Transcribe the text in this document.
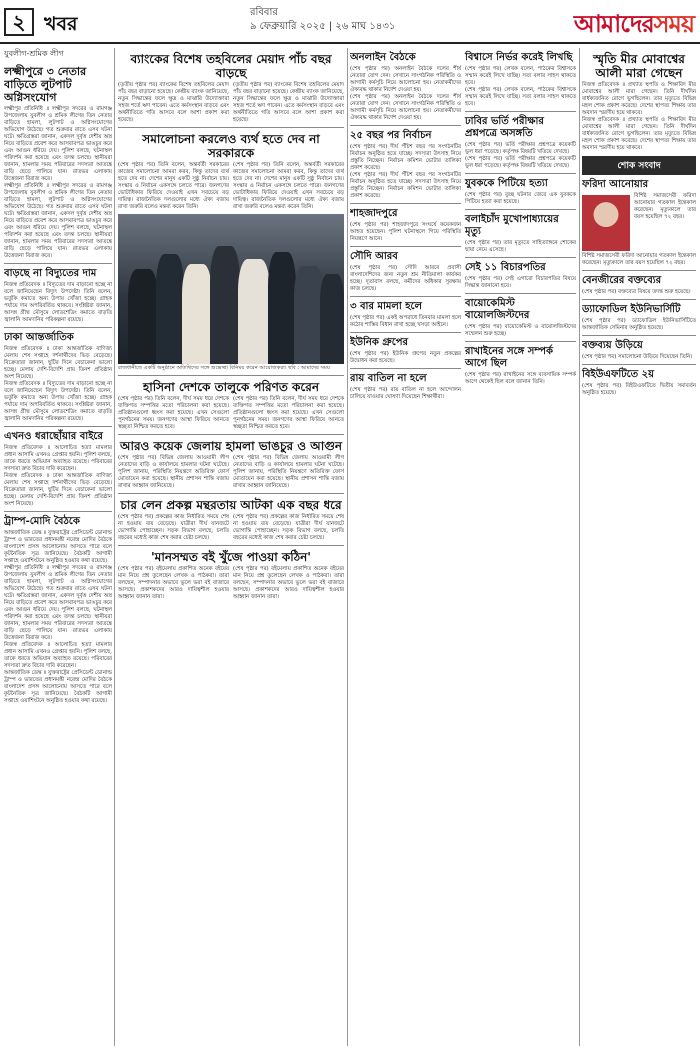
২ খবর
রবিবার
৯ ফেব্রুয়ারি ২০২৫ | ২৬ মাঘ ১৪৩১	আমাদেরসময়
যুবলীগ-শ্রমিক লীগ
লক্ষ্মীপুরে ৩ নেতার বাড়িতে লুটপাট অগ্নিসংযোগ
লক্ষ্মীপুর প্রতিনিধি ॥ লক্ষ্মীপুর সদরের ও রামগঞ্জ উপজেলায় যুবলীগ ও শ্রমিক লীগের তিন নেতার বাড়িতে হামলা, লুটপাট ও অগ্নিসংযোগের অভিযোগ উঠেছে। গত শুক্রবার রাতে এসব ঘটনা ঘটে। ক্ষতিগ্রস্তরা জানান, একদল দুর্বৃত্ত দেশীয় অস্ত্র নিয়ে বাড়িতে প্রবেশ করে আসবাবপত্র ভাঙচুর করে এবং আগুন ধরিয়ে দেয়। পুলিশ বলছে, ঘটনাস্থল পরিদর্শন করা হয়েছে এবং তদন্ত চলছে। স্থানীয়রা জানান, হামলার সময় পরিবারের সদস্যরা আতঙ্কে বাড়ি ছেড়ে পালিয়ে যান। রাতভর এলাকায় উত্তেজনা বিরাজ করে।
লক্ষ্মীপুর প্রতিনিধি ॥ লক্ষ্মীপুর সদরের ও রামগঞ্জ উপজেলায় যুবলীগ ও শ্রমিক লীগের তিন নেতার বাড়িতে হামলা, লুটপাট ও অগ্নিসংযোগের অভিযোগ উঠেছে। গত শুক্রবার রাতে এসব ঘটনা ঘটে। ক্ষতিগ্রস্তরা জানান, একদল দুর্বৃত্ত দেশীয় অস্ত্র নিয়ে বাড়িতে প্রবেশ করে আসবাবপত্র ভাঙচুর করে এবং আগুন ধরিয়ে দেয়। পুলিশ বলছে, ঘটনাস্থল পরিদর্শন করা হয়েছে এবং তদন্ত চলছে। স্থানীয়রা জানান, হামলার সময় পরিবারের সদস্যরা আতঙ্কে বাড়ি ছেড়ে পালিয়ে যান। রাতভর এলাকায় উত্তেজনা বিরাজ করে।
বাড়ছে না বিদ্যুতের দাম
নিজস্ব প্রতিবেদক ॥ বিদ্যুতের দাম বাড়ানো হচ্ছে না বলে জানিয়েছেন বিদ্যুৎ উপদেষ্টা। তিনি বলেন, ভর্তুকি কমাতে অন্য উপায় খোঁজা হচ্ছে। গ্রাহক পর্যায়ে দাম অপরিবর্তিত থাকবে। সংশ্লিষ্টরা জানান, আসন্ন গ্রীষ্ম মৌসুমে লোডশেডিং কমাতে বাড়তি জ্বালানি আমদানির পরিকল্পনা রয়েছে।
ঢাকা আন্তর্জাতিক
নিজস্ব প্রতিবেদক ॥ ঢাকা আন্তর্জাতিক বাণিজ্য মেলায় শেষ সপ্তাহে দর্শনার্থীদের ভিড় বেড়েছে। বিক্রেতারা জানান, ছুটির দিনে বেচাকেনা ভালো হচ্ছে। মেলায় দেশি-বিদেশি প্রায় তিনশ প্রতিষ্ঠান অংশ নিয়েছে।
নিজস্ব প্রতিবেদক ॥ বিদ্যুতের দাম বাড়ানো হচ্ছে না বলে জানিয়েছেন বিদ্যুৎ উপদেষ্টা। তিনি বলেন, ভর্তুকি কমাতে অন্য উপায় খোঁজা হচ্ছে। গ্রাহক পর্যায়ে দাম অপরিবর্তিত থাকবে। সংশ্লিষ্টরা জানান, আসন্ন গ্রীষ্ম মৌসুমে লোডশেডিং কমাতে বাড়তি জ্বালানি আমদানির পরিকল্পনা রয়েছে।
এখনও ধরাছোঁয়ার বাইরে
নিজস্ব প্রতিবেদক ॥ আলোচিত হত্যা মামলার প্রধান আসামি এখনও গ্রেপ্তার হয়নি। পুলিশ বলছে, তাকে ধরতে অভিযান অব্যাহত রয়েছে। পরিবারের সদস্যরা দ্রুত বিচার দাবি করেছেন।
নিজস্ব প্রতিবেদক ॥ ঢাকা আন্তর্জাতিক বাণিজ্য মেলায় শেষ সপ্তাহে দর্শনার্থীদের ভিড় বেড়েছে। বিক্রেতারা জানান, ছুটির দিনে বেচাকেনা ভালো হচ্ছে। মেলায় দেশি-বিদেশি প্রায় তিনশ প্রতিষ্ঠান অংশ নিয়েছে।
ট্রাম্প-মোদি বৈঠকে
আন্তর্জাতিক ডেস্ক ॥ যুক্তরাষ্ট্রের প্রেসিডেন্ট ডোনাল্ড ট্রাম্প ও ভারতের প্রধানমন্ত্রী নরেন্দ্র মোদির বৈঠকে বাংলাদেশ প্রসঙ্গ আলোচনায় আসতে পারে বলে কূটনৈতিক সূত্র জানিয়েছে। বৈঠকটি আগামী সপ্তাহে ওয়াশিংটনে অনুষ্ঠিত হওয়ার কথা রয়েছে।
লক্ষ্মীপুর প্রতিনিধি ॥ লক্ষ্মীপুর সদরের ও রামগঞ্জ উপজেলায় যুবলীগ ও শ্রমিক লীগের তিন নেতার বাড়িতে হামলা, লুটপাট ও অগ্নিসংযোগের অভিযোগ উঠেছে। গত শুক্রবার রাতে এসব ঘটনা ঘটে। ক্ষতিগ্রস্তরা জানান, একদল দুর্বৃত্ত দেশীয় অস্ত্র নিয়ে বাড়িতে প্রবেশ করে আসবাবপত্র ভাঙচুর করে এবং আগুন ধরিয়ে দেয়। পুলিশ বলছে, ঘটনাস্থল পরিদর্শন করা হয়েছে এবং তদন্ত চলছে। স্থানীয়রা জানান, হামলার সময় পরিবারের সদস্যরা আতঙ্কে বাড়ি ছেড়ে পালিয়ে যান। রাতভর এলাকায় উত্তেজনা বিরাজ করে।
নিজস্ব প্রতিবেদক ॥ আলোচিত হত্যা মামলার প্রধান আসামি এখনও গ্রেপ্তার হয়নি। পুলিশ বলছে, তাকে ধরতে অভিযান অব্যাহত রয়েছে। পরিবারের সদস্যরা দ্রুত বিচার দাবি করেছেন।
আন্তর্জাতিক ডেস্ক ॥ যুক্তরাষ্ট্রের প্রেসিডেন্ট ডোনাল্ড ট্রাম্প ও ভারতের প্রধানমন্ত্রী নরেন্দ্র মোদির বৈঠকে বাংলাদেশ প্রসঙ্গ আলোচনায় আসতে পারে বলে কূটনৈতিক সূত্র জানিয়েছে। বৈঠকটি আগামী সপ্তাহে ওয়াশিংটনে অনুষ্ঠিত হওয়ার কথা রয়েছে।
ব্যাংকের বিশেষ তহবিলের মেয়াদ পাঁচ বছর বাড়ছে
(তৃতীয় পৃষ্ঠার পর) ব্যাংকের বিশেষ তহবিলের মেয়াদ পাঁচ বছর বাড়ানো হয়েছে। কেন্দ্রীয় ব্যাংক জানিয়েছে, নতুন সিদ্ধান্তের ফলে ক্ষুদ্র ও মাঝারি উদ্যোক্তারা সহজ শর্তে ঋণ পাবেন। এতে কর্মসংস্থান বাড়বে এবং অর্থনীতিতে গতি আসবে বলে আশা প্রকাশ করা হয়েছে।
(তৃতীয় পৃষ্ঠার পর) ব্যাংকের বিশেষ তহবিলের মেয়াদ পাঁচ বছর বাড়ানো হয়েছে। কেন্দ্রীয় ব্যাংক জানিয়েছে, নতুন সিদ্ধান্তের ফলে ক্ষুদ্র ও মাঝারি উদ্যোক্তারা সহজ শর্তে ঋণ পাবেন। এতে কর্মসংস্থান বাড়বে এবং অর্থনীতিতে গতি আসবে বলে আশা প্রকাশ করা হয়েছে।
সমালোচনা করলেও ব্যর্থ হতে দেব না সরকারকে
(শেষ পৃষ্ঠার পর) তিনি বলেন, অন্তর্বর্তী সরকারের কাজের সমালোচনা আমরা করব, কিন্তু তাদের ব্যর্থ হতে দেব না। দেশের মানুষ একটি সুষ্ঠু নির্বাচন চায়। সংস্কার ও নির্বাচন একসঙ্গে চলতে পারে। জনগণের ভোটাধিকার ফিরিয়ে দেওয়াই এখন সবচেয়ে বড় দায়িত্ব। রাজনৈতিক দলগুলোর মধ্যে ঐক্য বজায় রাখা জরুরি বলেও মন্তব্য করেন তিনি।
(শেষ পৃষ্ঠার পর) তিনি বলেন, অন্তর্বর্তী সরকারের কাজের সমালোচনা আমরা করব, কিন্তু তাদের ব্যর্থ হতে দেব না। দেশের মানুষ একটি সুষ্ঠু নির্বাচন চায়। সংস্কার ও নির্বাচন একসঙ্গে চলতে পারে। জনগণের ভোটাধিকার ফিরিয়ে দেওয়াই এখন সবচেয়ে বড় দায়িত্ব। রাজনৈতিক দলগুলোর মধ্যে ঐক্য বজায় রাখা জরুরি বলেও মন্তব্য করেন তিনি।
রাজধানীতে একটি অনুষ্ঠানে অতিথিদের সঙ্গে শুভেচ্ছা বিনিময় করেন আয়োজকরা। ছবি : আমাদের সময়
হাসিনা দেশকে তালুকে পরিণত করেন
(শেষ পৃষ্ঠার পর) তিনি বলেন, দীর্ঘ সময় ধরে দেশকে ব্যক্তিগত সম্পত্তির মতো পরিচালনা করা হয়েছে। প্রতিষ্ঠানগুলো ধ্বংস করা হয়েছে। এখন সেগুলো পুনর্গঠনের সময়। জনগণের আস্থা ফিরিয়ে আনতে স্বচ্ছতা নিশ্চিত করতে হবে।
(শেষ পৃষ্ঠার পর) তিনি বলেন, দীর্ঘ সময় ধরে দেশকে ব্যক্তিগত সম্পত্তির মতো পরিচালনা করা হয়েছে। প্রতিষ্ঠানগুলো ধ্বংস করা হয়েছে। এখন সেগুলো পুনর্গঠনের সময়। জনগণের আস্থা ফিরিয়ে আনতে স্বচ্ছতা নিশ্চিত করতে হবে।
আরও কয়েক জেলায় হামলা ভাঙচুর ও আগুন
(শেষ পৃষ্ঠার পর) বিভিন্ন জেলায় আওয়ামী লীগ নেতাদের বাড়ি ও কার্যালয়ে হামলার ঘটনা ঘটেছে। পুলিশ জানায়, পরিস্থিতি নিয়ন্ত্রণে অতিরিক্ত ফোর্স মোতায়েন করা হয়েছে। স্থানীয় প্রশাসন শান্তি বজায় রাখার আহ্বান জানিয়েছে।
(শেষ পৃষ্ঠার পর) বিভিন্ন জেলায় আওয়ামী লীগ নেতাদের বাড়ি ও কার্যালয়ে হামলার ঘটনা ঘটেছে। পুলিশ জানায়, পরিস্থিতি নিয়ন্ত্রণে অতিরিক্ত ফোর্স মোতায়েন করা হয়েছে। স্থানীয় প্রশাসন শান্তি বজায় রাখার আহ্বান জানিয়েছে।
চার লেন প্রকল্প মন্থরতায় আটকা এক বছর ধরে
(শেষ পৃষ্ঠার পর) প্রকল্পের কাজ নির্ধারিত সময়ে শেষ না হওয়ায় ব্যয় বেড়েছে। যাত্রীরা দীর্ঘ যানজটে ভোগান্তি পোহাচ্ছেন। সড়ক বিভাগ বলছে, চলতি বছরের মধ্যেই কাজ শেষ করার চেষ্টা চলছে।
(শেষ পৃষ্ঠার পর) প্রকল্পের কাজ নির্ধারিত সময়ে শেষ না হওয়ায় ব্যয় বেড়েছে। যাত্রীরা দীর্ঘ যানজটে ভোগান্তি পোহাচ্ছেন। সড়ক বিভাগ বলছে, চলতি বছরের মধ্যেই কাজ শেষ করার চেষ্টা চলছে।
'মানসম্মত বই খুঁজে পাওয়া কঠিন'
(শেষ পৃষ্ঠার পর) বইমেলায় প্রকাশিত অনেক বইয়ের মান নিয়ে প্রশ্ন তুলেছেন লেখক ও পাঠকরা। তারা বলছেন, সম্পাদনার অভাবে ভুলে ভরা বই বাজারে আসছে। প্রকাশকদের আরও দায়িত্বশীল হওয়ার আহ্বান জানান তারা।
(শেষ পৃষ্ঠার পর) বইমেলায় প্রকাশিত অনেক বইয়ের মান নিয়ে প্রশ্ন তুলেছেন লেখক ও পাঠকরা। তারা বলছেন, সম্পাদনার অভাবে ভুলে ভরা বই বাজারে আসছে। প্রকাশকদের আরও দায়িত্বশীল হওয়ার আহ্বান জানান তারা।
অনলাইন বৈঠকে
(শেষ পৃষ্ঠার পর) অনলাইন বৈঠকে দলের শীর্ষ নেতারা যোগ দেন। সেখানে সাংগঠনিক পরিস্থিতি ও আগামী কর্মসূচি নিয়ে আলোচনা হয়। নেতাকর্মীদের ঐক্যবদ্ধ থাকার নির্দেশ দেওয়া হয়।
(শেষ পৃষ্ঠার পর) অনলাইন বৈঠকে দলের শীর্ষ নেতারা যোগ দেন। সেখানে সাংগঠনিক পরিস্থিতি ও আগামী কর্মসূচি নিয়ে আলোচনা হয়। নেতাকর্মীদের ঐক্যবদ্ধ থাকার নির্দেশ দেওয়া হয়।
২৫ বছর পর নির্বাচন
(শেষ পৃষ্ঠার পর) দীর্ঘ পঁচিশ বছর পর সংগঠনটির নির্বাচন অনুষ্ঠিত হতে যাচ্ছে। সদস্যরা উৎসাহ নিয়ে প্রস্তুতি নিচ্ছেন। নির্বাচন কমিশন ভোটার তালিকা প্রকাশ করেছে।
(শেষ পৃষ্ঠার পর) দীর্ঘ পঁচিশ বছর পর সংগঠনটির নির্বাচন অনুষ্ঠিত হতে যাচ্ছে। সদস্যরা উৎসাহ নিয়ে প্রস্তুতি নিচ্ছেন। নির্বাচন কমিশন ভোটার তালিকা প্রকাশ করেছে।
শাহজাদপুরে
(শেষ পৃষ্ঠার পর) শাহজাদপুরে সংঘর্ষে কয়েকজন আহত হয়েছেন। পুলিশ ঘটনাস্থলে গিয়ে পরিস্থিতি নিয়ন্ত্রণে আনে।
সৌদি আরব
(শেষ পৃষ্ঠার পর) সৌদি আরবে প্রবাসী বাংলাদেশিদের জন্য নতুন শ্রম নীতিমালা কার্যকর হচ্ছে। দূতাবাস বলছে, কর্মীদের অধিকার সুরক্ষায় কাজ চলছে।
৩ বার মামলা হলে
(শেষ পৃষ্ঠার পর) একই অপরাধে তিনবার মামলা হলে কঠোর শাস্তির বিধান রাখা হচ্ছে খসড়া আইনে।
ইউনিক গ্রুপের
(শেষ পৃষ্ঠার পর) ইউনিক গ্রুপের নতুন প্রকল্পের উদ্বোধন করা হয়েছে।
রায় বাতিল না হলে
(শেষ পৃষ্ঠার পর) রায় বাতিল না হলে আন্দোলন চালিয়ে যাওয়ার ঘোষণা দিয়েছেন শিক্ষার্থীরা।
বিশ্বাসে নির্ভর করেই লিখছি
(শেষ পৃষ্ঠার পর) লেখক বলেন, পাঠকের বিশ্বাসকে সম্মান করেই লিখে যাচ্ছি। সত্য বলার সাহস থাকতে হবে।
(শেষ পৃষ্ঠার পর) লেখক বলেন, পাঠকের বিশ্বাসকে সম্মান করেই লিখে যাচ্ছি। সত্য বলার সাহস থাকতে হবে।
ঢাবির ভর্তি পরীক্ষার প্রশ্নপত্রে অসঙ্গতি
(শেষ পৃষ্ঠার পর) ভর্তি পরীক্ষার প্রশ্নপত্রে কয়েকটি ভুল ধরা পড়েছে। কর্তৃপক্ষ বিষয়টি খতিয়ে দেখছে।
(শেষ পৃষ্ঠার পর) ভর্তি পরীক্ষার প্রশ্নপত্রে কয়েকটি ভুল ধরা পড়েছে। কর্তৃপক্ষ বিষয়টি খতিয়ে দেখছে।
যুবককে পিটিয়ে হত্যা
(শেষ পৃষ্ঠার পর) তুচ্ছ ঘটনার জেরে এক যুবককে পিটিয়ে হত্যা করা হয়েছে।
বলাইচাঁদ মুখোপাধ্যায়ের মৃত্যু
(শেষ পৃষ্ঠার পর) তার মৃত্যুতে সাহিত্যাঙ্গনে শোকের ছায়া নেমে এসেছে।
সেই ১১ বিচারপতির
(শেষ পৃষ্ঠার পর) সেই এগারো বিচারপতির বিষয়ে সিদ্ধান্ত জানানো হবে।
বায়োকেমিস্ট বায়োলজিস্টদের
(শেষ পৃষ্ঠার পর) বায়োকেমিস্ট ও বায়োলজিস্টদের সম্মেলন শুরু হচ্ছে।
রাখাইনের সঙ্গে সম্পর্ক আগে ছিল
(শেষ পৃষ্ঠার পর) রাখাইনের সঙ্গে ব্যবসায়িক সম্পর্ক আগে থেকেই ছিল বলে জানান তিনি।
স্মৃতি মীর মোবাশ্বের আলী মারা গেছেন
নিজস্ব প্রতিবেদক ॥ প্রখ্যাত স্থপতি ও শিক্ষাবিদ মীর মোবাশ্বের আলী মারা গেছেন। তিনি দীর্ঘদিন বার্ধক্যজনিত রোগে ভুগছিলেন। তার মৃত্যুতে বিভিন্ন মহল শোক প্রকাশ করেছে। দেশের স্থাপত্য শিক্ষায় তার অবদান স্মরণীয় হয়ে থাকবে।
নিজস্ব প্রতিবেদক ॥ প্রখ্যাত স্থপতি ও শিক্ষাবিদ মীর মোবাশ্বের আলী মারা গেছেন। তিনি দীর্ঘদিন বার্ধক্যজনিত রোগে ভুগছিলেন। তার মৃত্যুতে বিভিন্ন মহল শোক প্রকাশ করেছে। দেশের স্থাপত্য শিক্ষায় তার অবদান স্মরণীয় হয়ে থাকবে।
শোক সংবাদ
ফরিদা আনোয়ার
বিশিষ্ট সমাজসেবী ফরিদা আনোয়ার গতকাল ইন্তেকাল করেছেন। মৃত্যুকালে তার বয়স হয়েছিল ৭২ বছর।
বিশিষ্ট সমাজসেবী ফরিদা আনোয়ার গতকাল ইন্তেকাল করেছেন। মৃত্যুকালে তার বয়স হয়েছিল ৭২ বছর।
বেনজীরের বক্তব্যের
(শেষ পৃষ্ঠার পর) বক্তব্যের বিষয়ে তদন্ত শুরু হয়েছে।
ড্যাফোডিল ইউনিভার্সিটি
(শেষ পৃষ্ঠার পর) ড্যাফোডিল ইউনিভার্সিটিতে আন্তর্জাতিক সেমিনার অনুষ্ঠিত হয়েছে।
বক্তব্যয় উড়িয়ে
(শেষ পৃষ্ঠার পর) সমালোচনা উড়িয়ে দিয়েছেন তিনি।
বিইউএফটিতে ২য়
(শেষ পৃষ্ঠার পর) বিইউএফটিতে দ্বিতীয় সমাবর্তন অনুষ্ঠিত হয়েছে।
